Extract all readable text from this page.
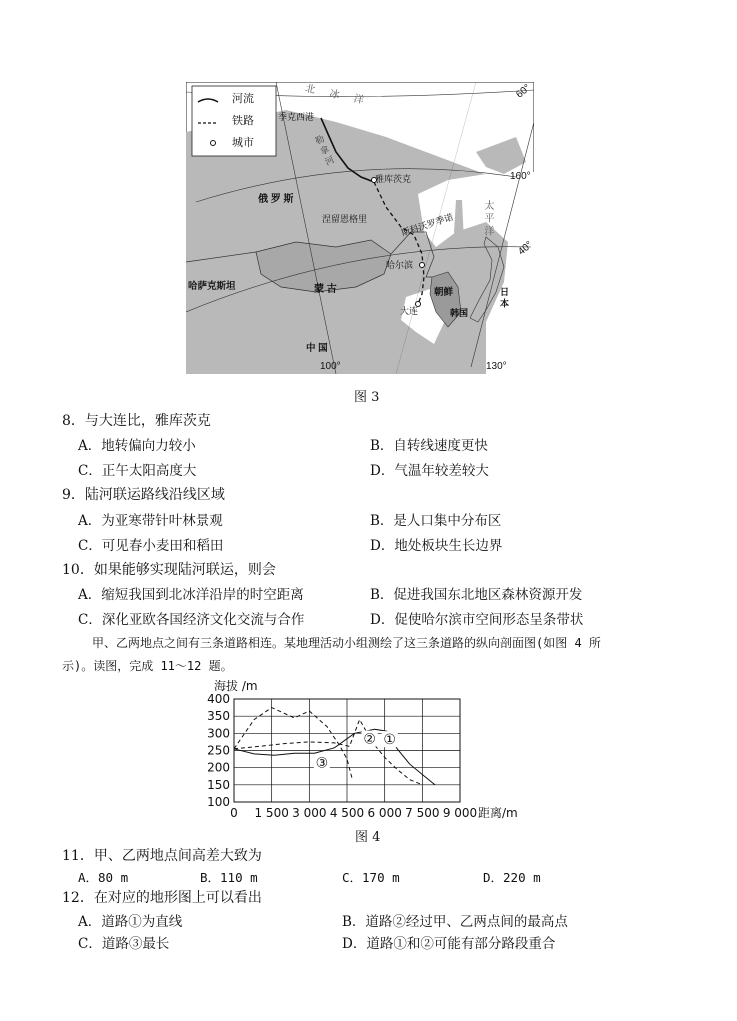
河流
铁路
城市
北 冰 洋
季克西港
勒 拿 河
雅库茨克
太 平 洋
俄 罗 斯
涅留恩格里	斯科沃罗季诺
哈尔滨
哈萨克斯坦	蒙 古	朝鲜	日 本
大连	韩国
中 国
60°
160°
40°
100°	130°
图 3
8．与大连比，雅库茨克
A．地转偏向力较小	B．自转线速度更快
C．正午太阳高度大	D．气温年较差较大
9．陆河联运路线沿线区域
A．为亚寒带针叶林景观	B．是人口集中分布区
C．可见春小麦田和稻田	D．地处板块生长边界
10．如果能够实现陆河联运，则会
A．缩短我国到北冰洋沿岸的时空距离	B．促进我国东北地区森林资源开发
C．深化亚欧各国经济文化交流与合作	D．促使哈尔滨市空间形态呈条带状
甲、乙两地点之间有三条道路相连。某地理活动小组测绘了这三条道路的纵向剖面图(如图 4 所
示)。读图，完成 11～12 题。
海拔 /m
距离/m
400
350
300
250
200
150
100
0 1 500 3 000 4 500 6 000 7 500 9 000
② ①
③
图 4
11．甲、乙两地点间高差大致为
A．80 m	B．110 m	C．170 m	D．220 m
12．在对应的地形图上可以看出
A．道路①为直线	B．道路②经过甲、乙两点间的最高点
C．道路③最长	D．道路①和②可能有部分路段重合
